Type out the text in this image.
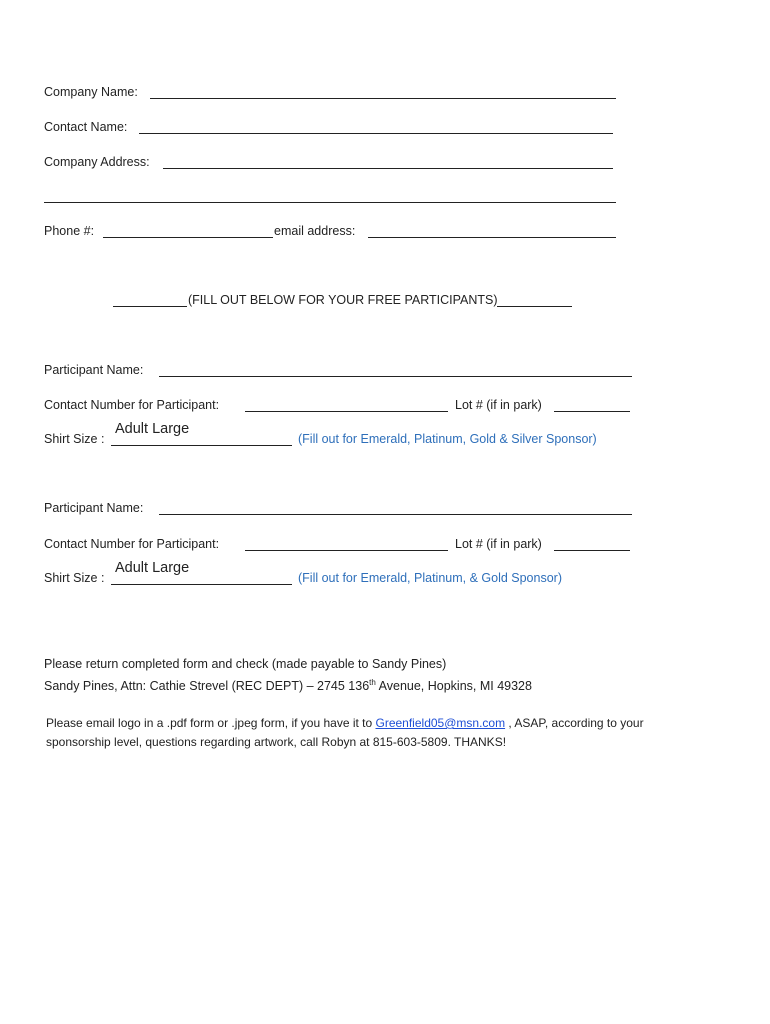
Company Name:
Contact Name:
Company Address:
Phone #:	email address:
(FILL OUT BELOW FOR YOUR FREE PARTICIPANTS)
Participant Name:
Contact Number for Participant:	Lot # (if in park)
Shirt Size :
Adult Large
(Fill out for Emerald, Platinum, Gold & Silver Sponsor)
Participant Name:
Contact Number for Participant:	Lot # (if in park)
Shirt Size :
Adult Large
(Fill out for Emerald, Platinum, & Gold Sponsor)
Please return completed form and check (made payable to Sandy Pines)
Sandy Pines, Attn: Cathie Strevel (REC DEPT) – 2745 136th Avenue, Hopkins, MI 49328
Please email logo in a .pdf form or .jpeg form, if you have it to Greenfield05@msn.com , ASAP, according to your
sponsorship level, questions regarding artwork, call Robyn at 815-603-5809. THANKS!
